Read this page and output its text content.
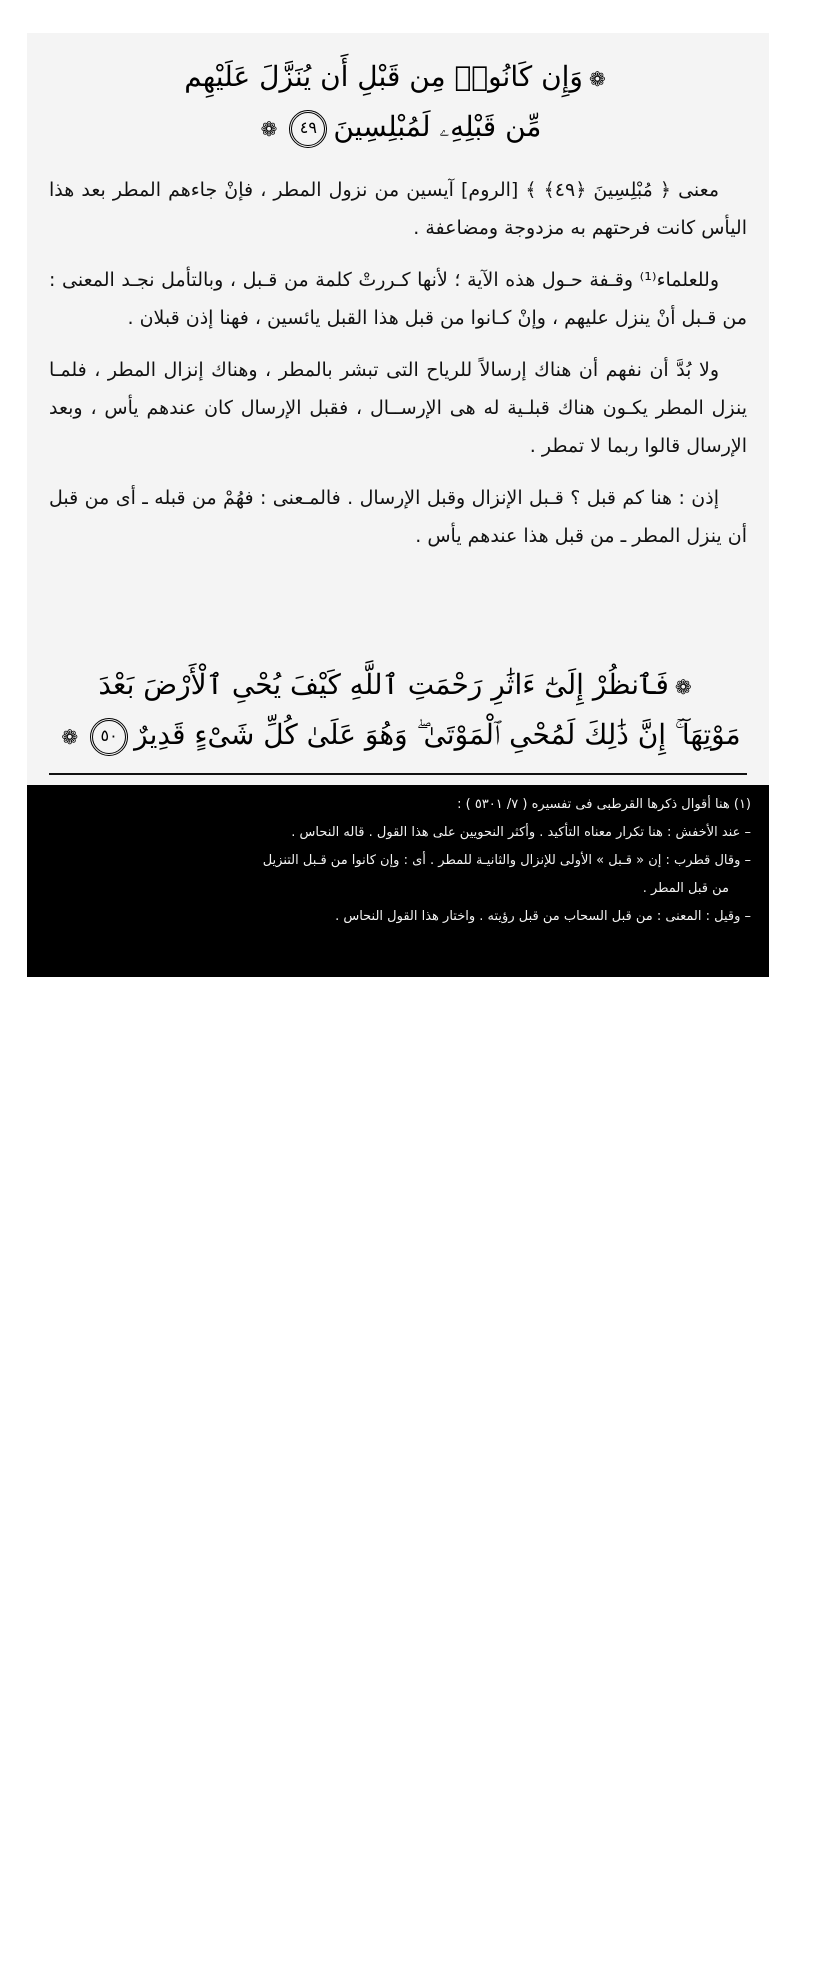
❁وَإِن كَانُوا۟ مِن قَبْلِ أَن يُنَزَّلَ عَلَيْهِم
مِّن قَبْلِهِۦ لَمُبْلِسِينَ٤٩❁

معنى ﴿ مُبْلِسِينَ ﴿٤٩﴾ ﴾ [الروم] آيسين من نزول المطر ، فإنْ جاءهم المطر بعد هذا اليأس كانت فرحتهم به مزدوجة ومضاعفة .

وللعلماء⁽¹⁾ وقـفة حـول هذه الآية ؛ لأنها كـررتْ كلمة من قـبل ، وبالتأمل نجـد المعنى : من قـبل أنْ ينزل عليهم ، وإنْ كـانوا من قبل هذا القبل يائسين ، فهنا إذن قبلان .

ولا بُدَّ أن نفهم أن هناك إرسالاً للرياح التى تبشر بالمطر ، وهناك إنزال المطر ، فلمـا ينزل المطر يكـون هناك قبلـية له هى الإرســال ، فقبل الإرسال كان عندهم يأس ، وبعد الإرسال قالوا ربما لا تمطر .

إذن : هنا كم قبل ؟ قـبل الإنزال وقبل الإرسال . فالمـعنى : فهُمْ من قبله ـ أى من قبل أن ينزل المطر ـ من قبل هذا عندهم يأس .

❁فَٱنظُرْ إِلَىٰٓ ءَاثَٰرِ رَحْمَتِ ٱللَّهِ كَيْفَ يُحْىِ ٱلْأَرْضَ بَعْدَ
مَوْتِهَآ ۚ إِنَّ ذَٰلِكَ لَمُحْىِ ٱلْمَوْتَىٰ ۖ وَهُوَ عَلَىٰ كُلِّ شَىْءٍ قَدِيرٌ٥٠❁

(١) هنا أقوال ذكرها القرطبى فى تفسيره ( ٧/ ٥٣٠١ ) :

– عند الأخفش : هنا تكرار معناه التأكيد . وأكثر النحويين على هذا القول . قاله النحاس .

– وقال قطرب : إن « قـبل » الأولى للإنزال والثانيـة للمطر . أى : وإن كانوا من قـبل التنزيل

من قبل المطر .

– وقيل : المعنى : من قبل السحاب من قبل رؤيته . واختار هذا القول النحاس .
